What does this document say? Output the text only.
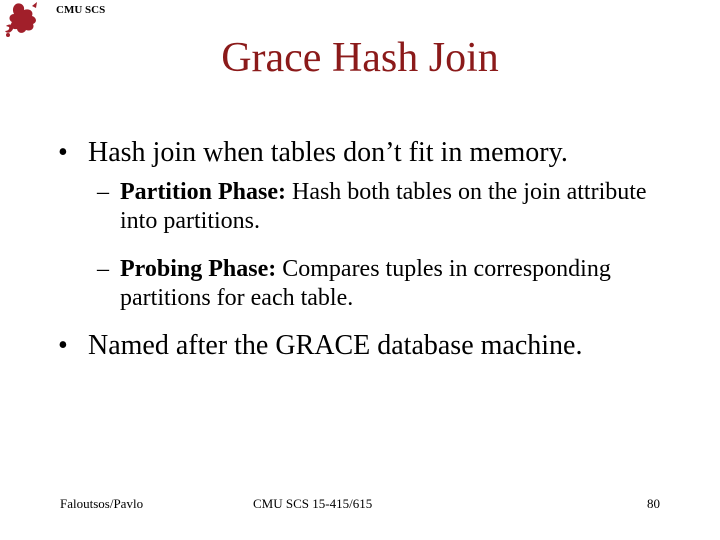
CMU SCS
Grace Hash Join
• Hash join when tables don’t fit in memory.
– Partition Phase: Hash both tables on the join attribute into partitions.
– Probing Phase: Compares tuples in corresponding partitions for each table.
• Named after the GRACE database machine.
Faloutsos/Pavlo	CMU SCS 15-415/615	80
